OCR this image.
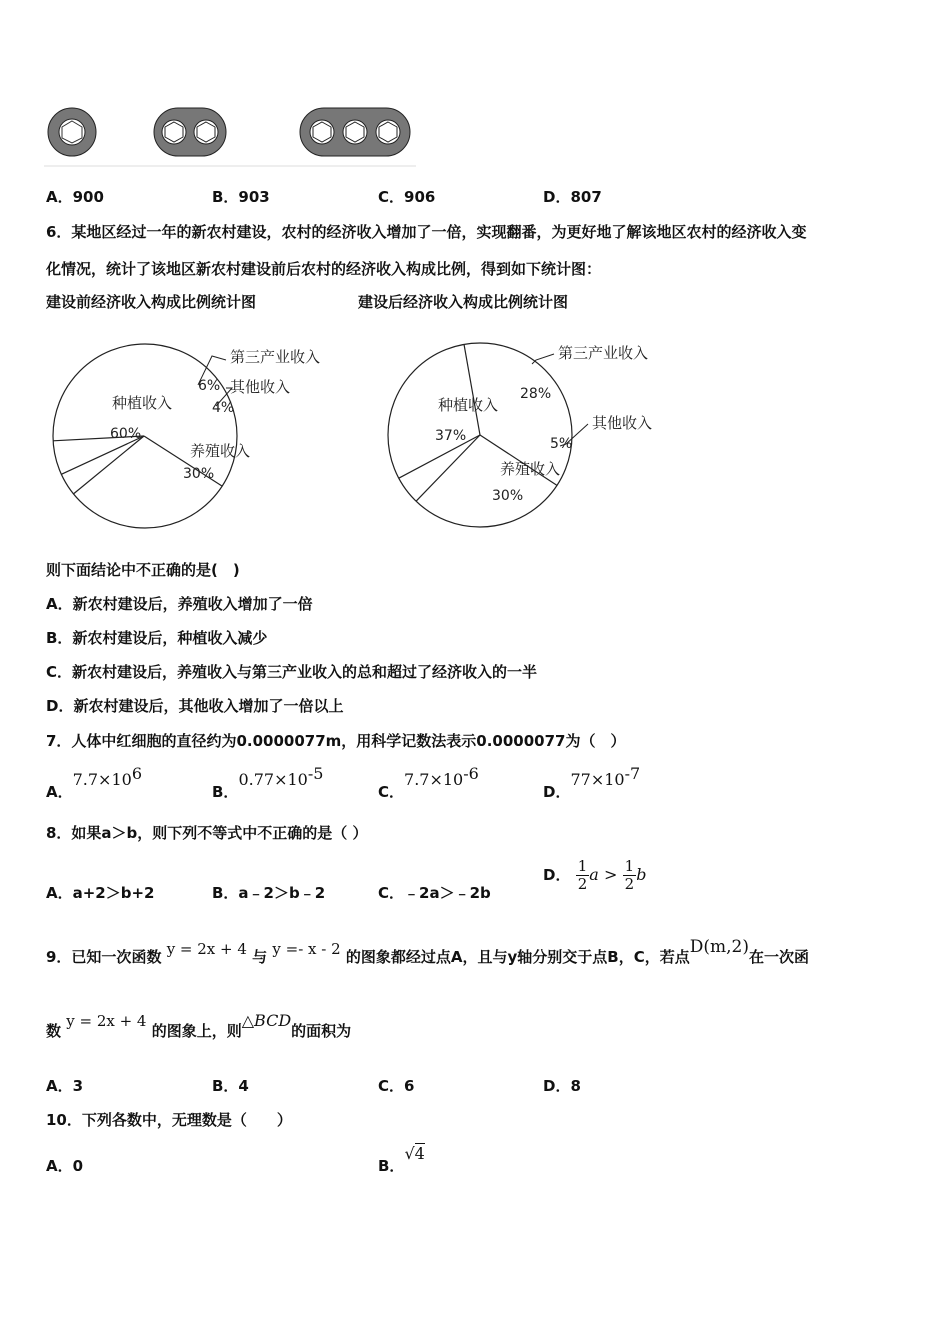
A．900	B．903	C．906	D．807
6．某地区经过一年的新农村建设，农村的经济收入增加了一倍，实现翻番，为更好地了解该地区农村的经济收入变
化情况，统计了该地区新农村建设前后农村的经济收入构成比例，得到如下统计图：
建设前经济收入构成比例统计图	建设后经济收入构成比例统计图
种植收入
60%
养殖收入
30%
6%
4%
第三产业收入
其他收入
种植收入
37%
养殖收入
30%
28%
5%
第三产业收入
其他收入
则下面结论中不正确的是(　)
A．新农村建设后，养殖收入增加了一倍
B．新农村建设后，种植收入减少
C．新农村建设后，养殖收入与第三产业收入的总和超过了经济收入的一半
D．新农村建设后，其他收入增加了一倍以上
7．人体中红细胞的直径约为0.0000077m，用科学记数法表示0.0000077为（　）
A．$7.7\times 10^6$
B．$0.77\times 10^{-5}$
C．$7.7\times 10^{-6}$
D．$77\times 10^{-7}$
8．如果a＞b，则下列不等式中不正确的是（ ）
A．a+2＞b+2	B．a﹣2＞b﹣2	C．﹣2a＞﹣2b
D． $\frac{1}{2}$ $a > \frac{1}{2}$ b
9．已知一次函数 y = 2x + 4 与 y =- x - 2 的图象都经过点A，且与y轴分别交于点B，C，若点D(m,2)在一次函
数 y = 2x + 4 的图象上，则△BCD的面积为
A．3	B．4	C．6	D．8
10．下列各数中，无理数是（　　）
A．0	B．√4
